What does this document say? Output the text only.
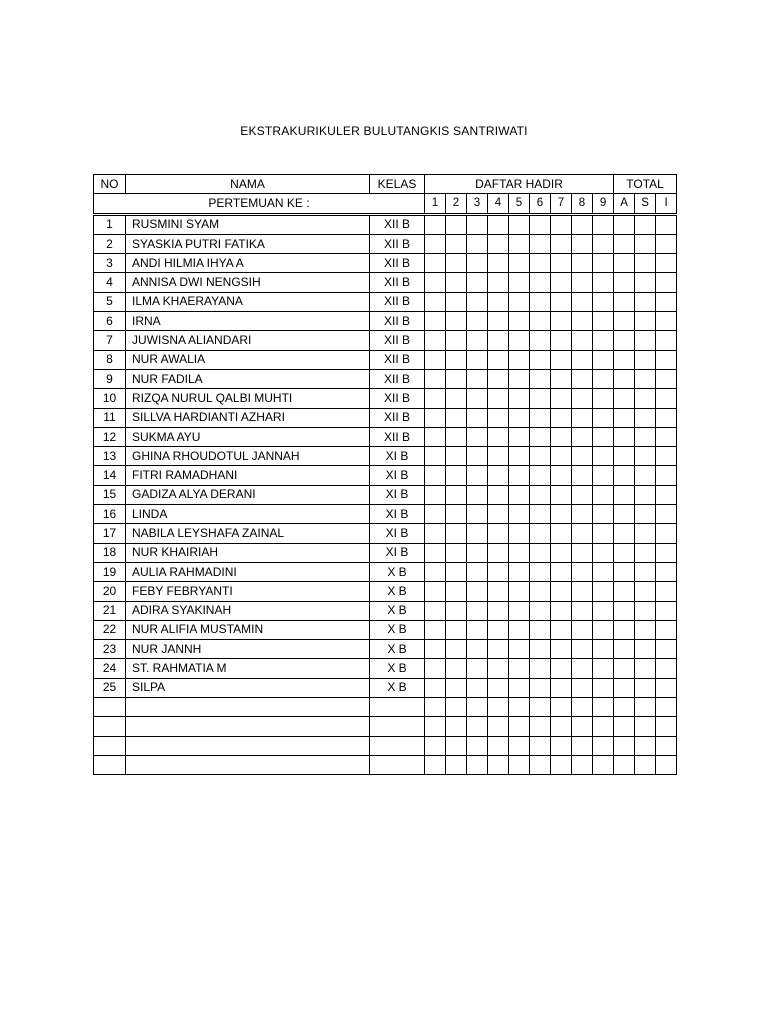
EKSTRAKURIKULER BULUTANGKIS SANTRIWATI
NO	NAMA	KELAS	DAFTAR HADIR									TOTAL		
PERTEMUAN KE :			1	2	3	4	5	6	7	8	9	A	S	I
1	RUSMINI SYAM	XII B												
2	SYASKIA PUTRI FATIKA	XII B												
3	ANDI HILMIA IHYA A	XII B												
4	ANNISA DWI NENGSIH	XII B												
5	ILMA KHAERAYANA	XII B												
6	IRNA	XII B												
7	JUWISNA ALIANDARI	XII B												
8	NUR AWALIA	XII B												
9	NUR FADILA	XII B												
10	RIZQA NURUL QALBI MUHTI	XII B												
11	SILLVA HARDIANTI AZHARI	XII B												
12	SUKMA AYU	XII B												
13	GHINA RHOUDOTUL JANNAH	XI B												
14	FITRI RAMADHANI	XI B												
15	GADIZA ALYA DERANI	XI B												
16	LINDA	XI B												
17	NABILA LEYSHAFA ZAINAL	XI B												
18	NUR KHAIRIAH	XI B												
19	AULIA RAHMADINI	X B												
20	FEBY FEBRYANTI	X B												
21	ADIRA SYAKINAH	X B												
22	NUR ALIFIA MUSTAMIN	X B												
23	NUR JANNH	X B												
24	ST. RAHMATIA M	X B												
25	SILPA	X B												
